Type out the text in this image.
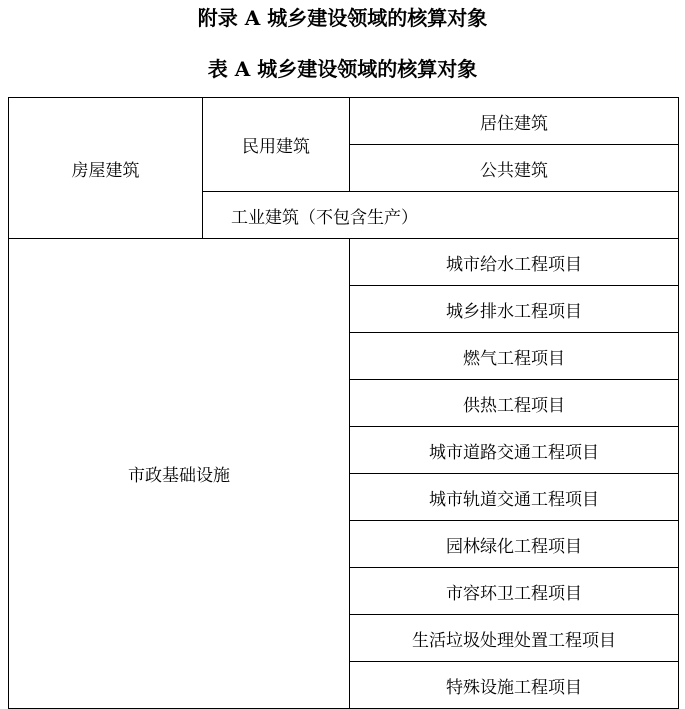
附录 A 城乡建设领域的核算对象
表 A 城乡建设领域的核算对象
房屋建筑	民用建筑	居住建筑
		公共建筑
	工业建筑（不包含生产）	
市政基础设施		城市给水工程项目
		城乡排水工程项目
		燃气工程项目
		供热工程项目
		城市道路交通工程项目
		城市轨道交通工程项目
		园林绿化工程项目
		市容环卫工程项目
		生活垃圾处理处置工程项目
		特殊设施工程项目
